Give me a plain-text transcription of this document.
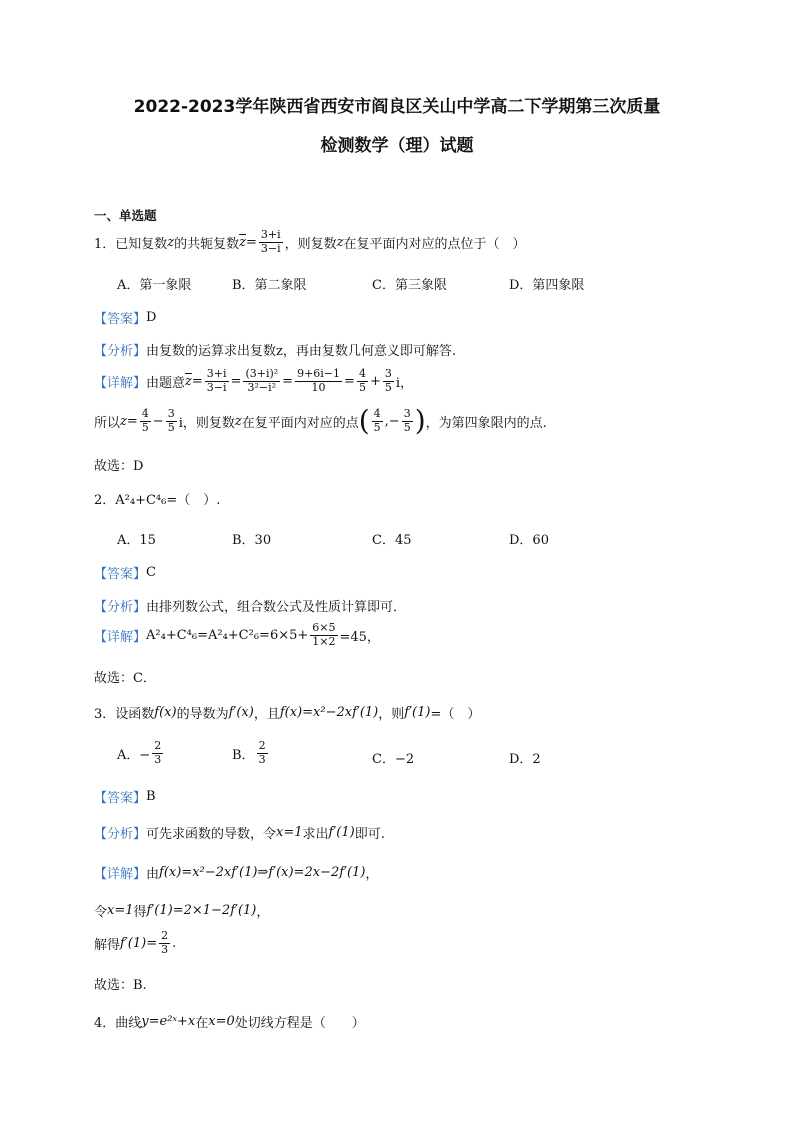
2022-2023学年陕西省西安市阎良区关山中学高二下学期第三次质量
检测数学（理）试题
一、单选题
1．已知复数 z 的共轭复数 $\overline{z} = \frac{3+i}{3-i}$ ，则复数 z 在复平面内对应的点位于（　）
A．第一象限	B．第二象限	C．第三象限	D．第四象限
【答案】 D
【分析】 由复数的运算求出复数z，再由复数几何意义即可解答.
【详解】 由题意 $\overline{z} = \frac{3+i}{3-i} = \frac{\text{(3+i)²}}{\text{3²−i²}} = \frac{9+6i-1}{10} = \frac{4}{5} + \frac{3}{5}$ i，
所以 $z = \frac{4}{5} - \frac{3}{5}$ i，则复数 z 在复平面内对应的点 ( $\frac{4}{5}$ ,− $\frac{3}{5}$ ) ，为第四象限内的点.
故选：D
2．A²₄+C⁴₆=（　）.
A．15	B．30	C．45	D．60
【答案】 C
【分析】 由排列数公式，组合数公式及性质计算即可．
【详解】 $A^2_4+C^4_6=A^2_4+C^2_6=6\times 5+ \frac{6\times 5}{1\times 2} =45$，
故选：C．
3．设函数 f(x) 的导数为 f′(x) ，且 f(x)=x²−2xf′(1) ，则 f′(1) =（　）
A．− $\frac{2}{3}$	B． $\frac{2}{3}$	C．−2	D．2
【答案】 B
【分析】 可先求函数的导数，令 x=1 求出 f′(1) 即可.
【详解】 由 f(x)=x²−2xf′(1)⇒f′(x)=2x−2f′(1) ，
令 x=1 得 f′(1)=2×1−2f′(1) ，
解得 $f'(1)= \frac{2}{3}$ .
故选：B.
4．曲线 y=e²ˣ+x 在 x=0 处切线方程是（　　）
